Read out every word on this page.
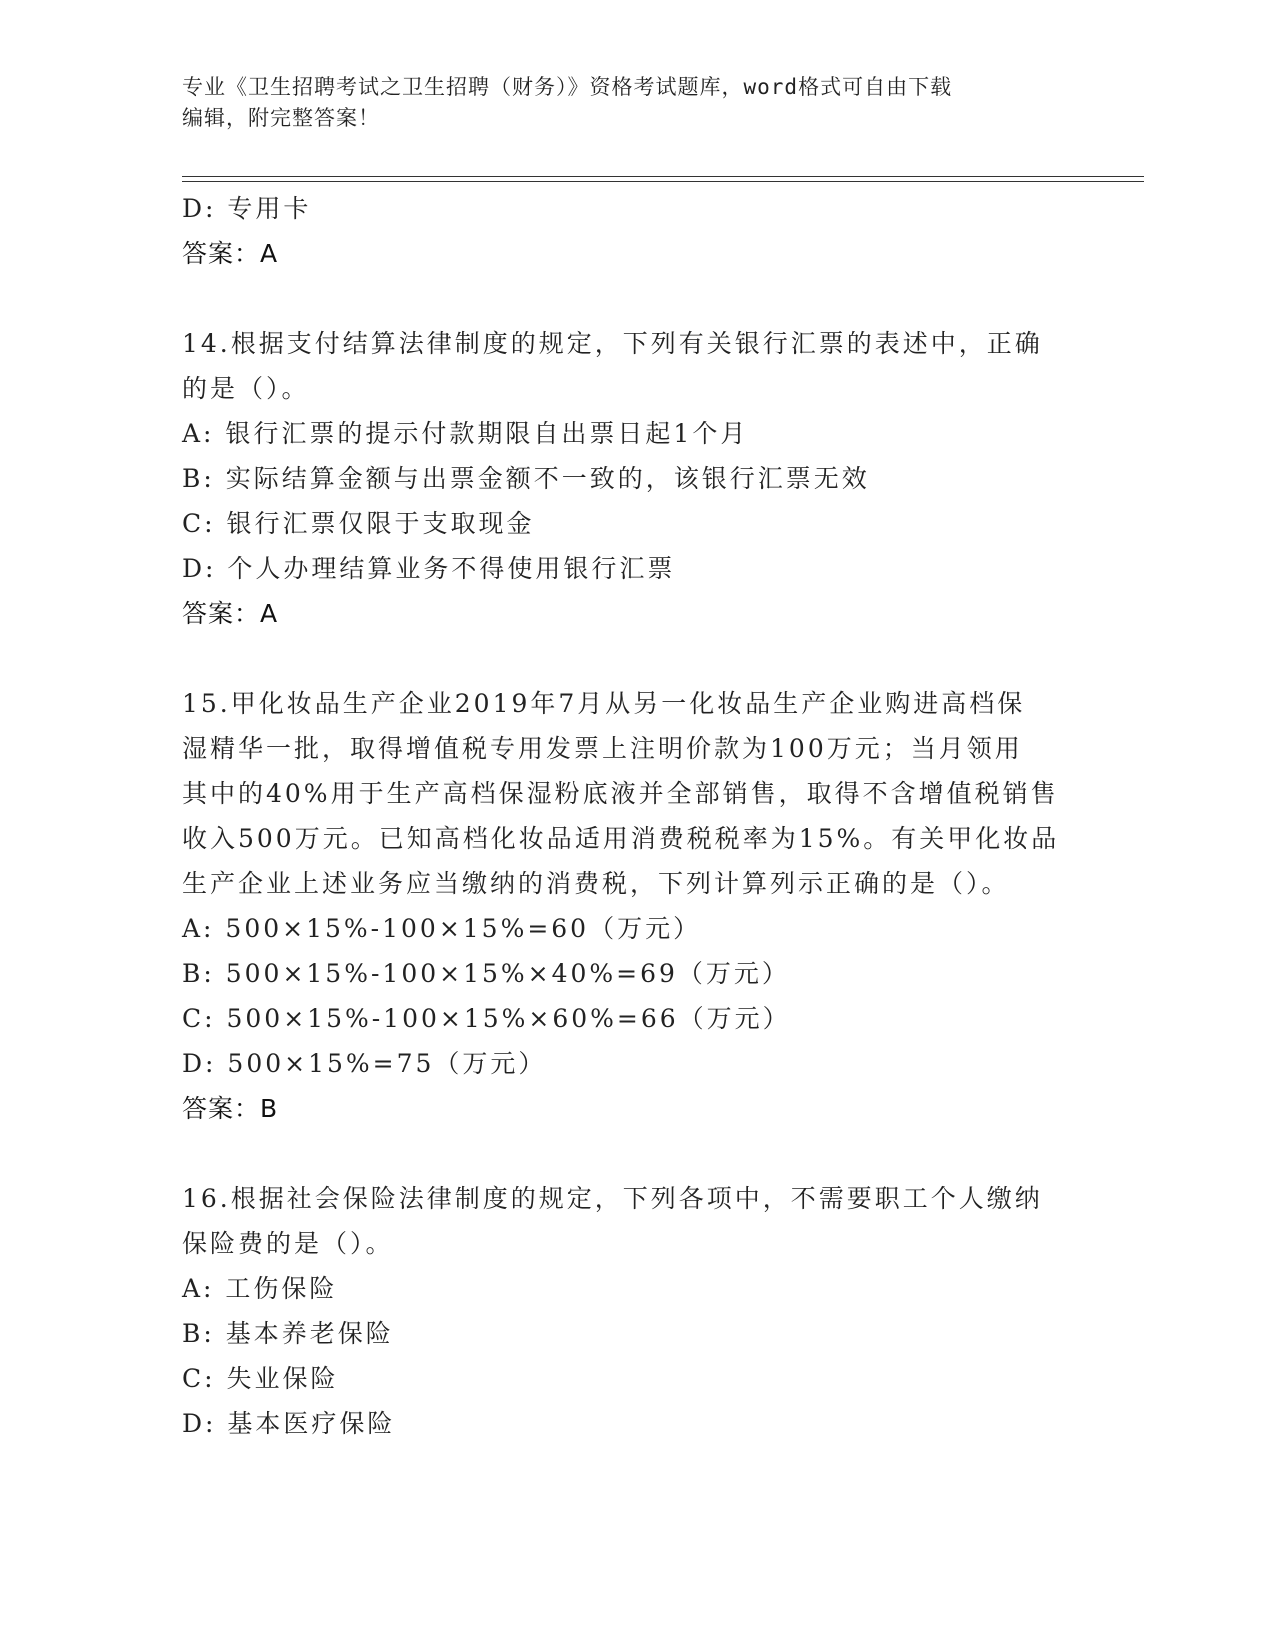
专业《卫生招聘考试之卫生招聘（财务）》资格考试题库，word格式可自由下载
编辑，附完整答案！
D: 专用卡
答案：A
14.根据支付结算法律制度的规定，下列有关银行汇票的表述中，正确
的是（）。
A: 银行汇票的提示付款期限自出票日起1个月
B: 实际结算金额与出票金额不一致的，该银行汇票无效
C: 银行汇票仅限于支取现金
D: 个人办理结算业务不得使用银行汇票
答案：A
15.甲化妆品生产企业2019年7月从另一化妆品生产企业购进高档保
湿精华一批，取得增值税专用发票上注明价款为100万元；当月领用
其中的40%用于生产高档保湿粉底液并全部销售，取得不含增值税销售
收入500万元。已知高档化妆品适用消费税税率为15%。有关甲化妆品
生产企业上述业务应当缴纳的消费税，下列计算列示正确的是（）。
A: 500×15%-100×15%=60（万元）
B: 500×15%-100×15%×40%=69（万元）
C: 500×15%-100×15%×60%=66（万元）
D: 500×15%=75（万元）
答案：B
16.根据社会保险法律制度的规定，下列各项中，不需要职工个人缴纳
保险费的是（）。
A: 工伤保险
B: 基本养老保险
C: 失业保险
D: 基本医疗保险
